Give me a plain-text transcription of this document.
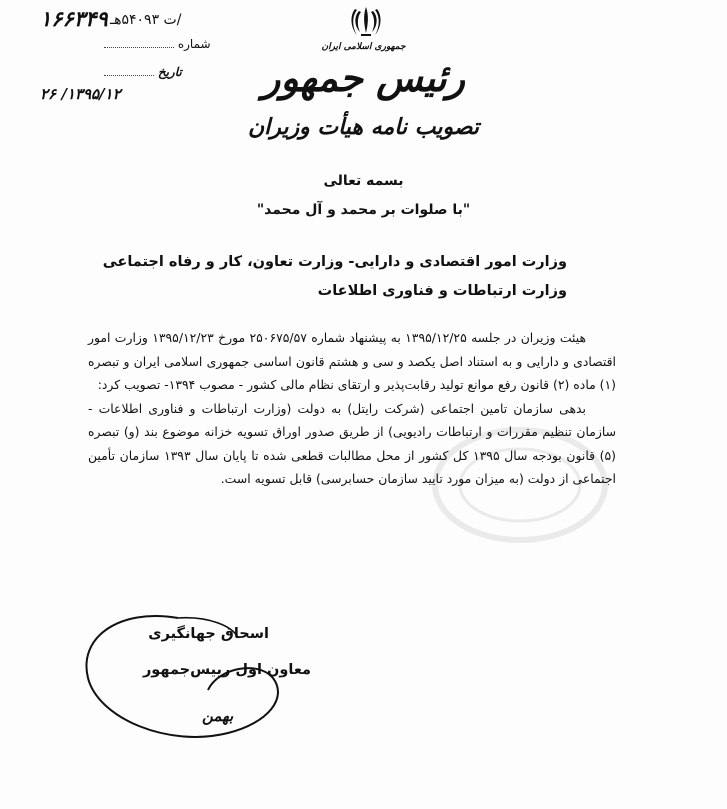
۱۶۶۳۴۹ /ت ۵۴۰۹۳هـ
شماره
تاریخ
۱۳۹۵/۱۲/ ۲۶
جمهوری اسلامی ایران
رئیس جمهور
تصویب نامه هیأت وزیران
بسمه تعالی
"با صلوات بر محمد و آل محمد"
وزارت امور اقتصادی و دارایی- وزارت تعاون، کار و رفاه اجتماعی
وزارت ارتباطات و فناوری اطلاعات

هیئت وزیران در جلسه ۱۳۹۵/۱۲/۲۵ به پیشنهاد شماره ۲۵۰۶۷۵/۵۷ مورخ ۱۳۹۵/۱۲/۲۳ وزارت امور اقتصادی و دارایی و به استناد اصل یکصد و سی و هشتم قانون اساسی جمهوری اسلامی ایران و تبصره (۱) ماده (۲) قانون رفع موانع تولید رقابت‌پذیر و ارتقای نظام مالی کشور - مصوب ۱۳۹۴- تصویب کرد:

بدهی سازمان تامین اجتماعی (شرکت رایتل) به دولت (وزارت ارتباطات و فناوری اطلاعات - سازمان تنظیم مقررات و ارتباطات رادیویی) از طریق صدور اوراق تسویه خزانه موضوع بند (و) تبصره (۵) قانون بودجه سال ۱۳۹۵ کل کشور از محل مطالبات قطعی شده تا پایان سال ۱۳۹۳ سازمان تأمین اجتماعی از دولت (به میزان مورد تایید سازمان حسابرسی) قابل تسویه است.

اسحاق جهانگیری
معاون اول رییس‌جمهور
بهمن
